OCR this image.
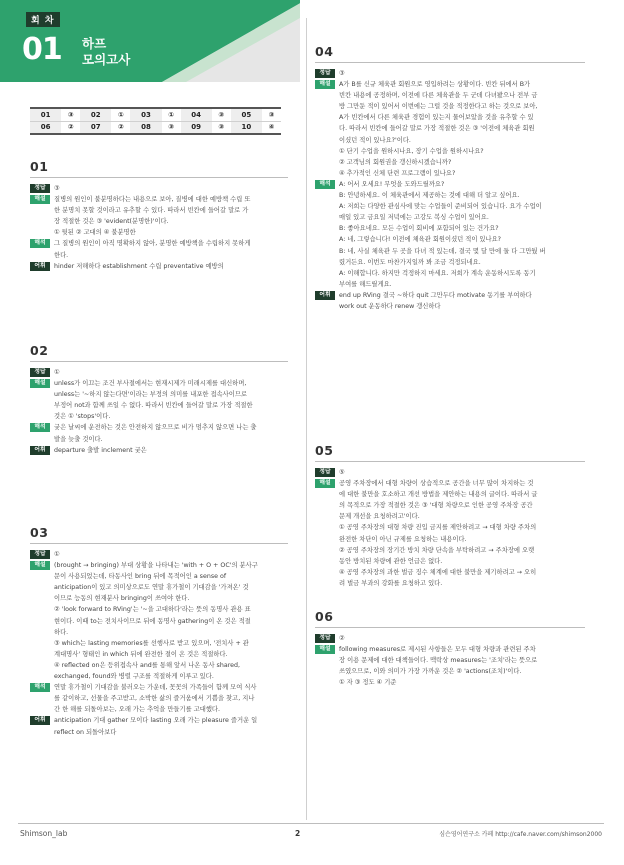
회 차
01 하프
모의고사
01	③	02	①	03	①	04	③	05	③
06	②	07	②	08	③	09	③	10	④
01
정답	③
해설	질병의 원인이 불분명하다는 내용으로 보아, 질병에 대한 예방책 수립 또

한 분명치 못할 것이라고 유추할 수 있다. 따라서 빈칸에 들어갈 말로 가

장 적절한 것은 ③ 'evident(분명한)'이다.

① 뒷된 ② 고대의 ④ 불분명한

해석	그 질병의 원인이 아직 명확하지 않아, 분명한 예방책을 수립하지 못하게

한다.

어휘	hinder 저해하다 establishment 수립 preventative 예방의

02
정답	①
해설	unless가 이끄는 조건 부사절에서는 현재시제가 미래시제를 대신하며,

unless는 '~하지 않는다면'이라는 부정의 의미를 내포한 접속사이므로

부정어 not과 함께 쓰일 수 없다. 따라서 빈칸에 들어갈 말로 가장 적절한

것은 ① 'stops'이다.

해석	궂은 날씨에 운전하는 것은 안전하지 않으므로 비가 멈추지 않으면 나는 출

발을 늦출 것이다.

어휘	departure 출발 inclement 궂은

03
정답	①
해설	(brought → bringing) 부대 상황을 나타내는 'with + O + OC'의 분사구

문이 사용되었는데, 타동사인 bring 뒤에 목적어인 a sense of

anticipation이 있고 의미상으로도 연말 휴가철이 기대감을 '가져온' 것

이므로 능동의 현재분사 bringing이 쓰여야 한다.

② 'look forward to RVing'는 '~을 고대하다'라는 뜻의 동명사 관용 표

현이다. 이때 to는 전치사이므로 뒤에 동명사 gathering이 온 것은 적절

하다.

③ which는 lasting memories를 선행사로 받고 있으며, '전치사 + 관

계대명사' 형태인 in which 뒤에 완전한 절이 온 것은 적절하다.

④ reflected on은 등위접속사 and를 통해 앞서 나온 동사 shared,

exchanged, found와 병렬 구조를 적절하게 이루고 있다.

해석	연말 휴가철이 기대감을 불러오는 가운데, 꼿꼿의 가족들이 함께 모여 식사

를 같이하고, 선물을 주고받고, 소박한 삶의 즐거움에서 기쁨을 찾고, 지나

간 한 해를 되돌아보는, 오래 가는 추억을 만들기를 고대했다.

어휘	anticipation 기대 gather 모이다 lasting 오래 가는 pleasure 즐거운 일

reflect on 되돌아보다

04
정답	③
해설	A가 B를 신규 체육관 회원으로 영입하려는 상황이다. 빈칸 뒤에서 B가

빈칸 내용에 공정하며, 이전에 다른 체육관을 두 군데 다녀봤으나 전부 금

방 그만둔 적이 있어서 이번에는 그럴 것을 적정한다고 하는 것으로 보아,

A가 빈칸에서 다른 체육관 경험이 있는지 물어보았을 것을 유추할 수 있

다. 따라서 빈칸에 들어갈 말로 가장 적절한 것은 ③ '이전에 체육관 회원

이셨던 적이 있나요?'이다.

① 단기 수업을 원하시나요, 장기 수업을 원하시나요?

② 고객님의 회원권을 갱신하시겠습니까?

④ 추가적인 신체 단련 프로그램이 있나요?

해석	A: 어서 오세요! 무엇을 도와드릴까요?

B: 안녕하세요. 이 체육관에서 제공하는 것에 대해 더 알고 싶어요.

A: 저희는 다양한 관심사에 맞는 수업들이 준비되어 있습니다. 요가 수업이

매일 있고 금요일 저녁에는 고강도 복싱 수업이 있어요.

B: 좋아요네요. 모든 수업이 회비에 포함되어 있는 건가요?

A: 네, 그렇습니다! 이전에 체육관 회원이셨던 적이 있나요?

B: 네, 사실 체육관 두 곳을 다녀 적 있는데, 결국 몇 달 만에 둘 다 그만뒀 버

렸거든요. 이번도 마찬가지일까 봐 조금 걱정되네요.

A: 이해합니다. 하지만 걱정하지 마세요. 저희가 계속 운동하시도록 동기

부여를 해드릴게요.

어휘	end up RVing 결국 ~하다 quit 그만두다 motivate 동기를 부여하다

work out 운동하다 renew 갱신하다

05
정답	⑤
해설	공영 주차장에서 대형 차량이 상습적으로 공간을 너무 많이 차지하는 것

에 대한 불만을 호소하고 개선 방법을 제안하는 내용의 글이다. 따라서 글

의 목적으로 가장 적절한 것은 ③ '대형 차량으로 인한 공영 주차장 공간

문제 개선을 요청하려고'이다.

① 공영 주차장의 대형 차량 진입 금지를 제안하려고 → 대형 차량 주차의

완전한 차단이 아닌 규제를 요청하는 내용이다.

② 공영 주차장의 장기간 방치 차량 단속을 부탁하려고 → 주차장에 오랫

동안 방치된 차량에 관한 언급은 없다.

④ 공영 주차장의 과한 벌금 징수 체계에 대한 불만을 제기하려고 → 오히

려 벌금 부과의 강화를 요청하고 있다.

06
정답	②
해설	following measures로 제시된 사항들은 모두 대형 차량과 관련된 주차

장 이용 문제에 대한 대책들이다. 맥락상 measures는 '조치'라는 뜻으로

쓰였으므로, 이와 의미가 가장 가까운 것은 ② 'actions(조치)'이다.

① 자 ③ 정도 ④ 기준

Shimson_lab	2	심슨영어연구소 카페 http://cafe.naver.com/shimson2000
